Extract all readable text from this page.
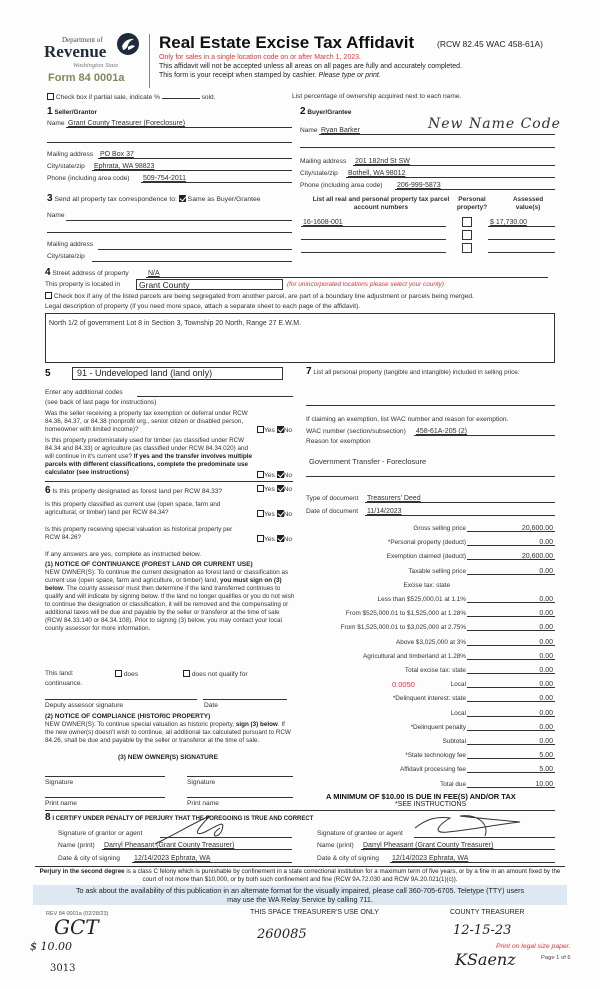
Department of
Revenue
Washington State
Form 84 0001a
Real Estate Excise Tax Affidavit	(RCW 82.45 WAC 458-61A)
Only for sales in a single location code on or after March 1, 2023.
This affidavit will not be accepted unless all areas on all pages are fully and accurately completed.
This form is your receipt when stamped by cashier. Please type or print.
Check box if partial sale, indicate %	sold.	List percentage of ownership acquired next to each name.
1 Seller/Grantor
Name Grant County Treasurer (Foreclosure)
Mailing address PO Box 37
City/state/zip Ephrata, WA 98823
Phone (including area code) 509-754-2011
3 Send all property tax correspondence to: Same as Buyer/Grantee
Name
Mailing address
City/state/zip
2 Buyer/Grantee
Name Ryan Barker	New Name Code
Mailing address 201 182nd St SW
City/state/zip Bothell, WA 98012
Phone (including area code) 206-999-5873
List all real and personal property tax parcel account numbers
Personal property?
Assessed value(s)
16-1608-001	$ 17,730.00
4 Street address of property	N/A
This property is located in Grant County	(for unincorporated locations please select your county)
Check box if any of the listed parcels are being segregated from another parcel, are part of a boundary line adjustment or parcels being merged.
Legal description of property (if you need more space, attach a separate sheet to each page of the affidavit).
North 1/2 of government Lot 8 in Section 3, Township 20 North, Range 27 E.W.M.
5	91 - Undeveloped land (land only)
Enter any additional codes
(see back of last page for instructions)
Was the seller receiving a property tax exemption or deferral under RCW 84.36, 84.37, or 84.38 (nonprofit org., senior citizen or disabled person, homeowner with limited income)?	Yes No
Is this property predominately used for timber (as classified under RCW 84.34 and 84.33) or agriculture (as classified under RCW 84.34.020) and will continue in it's current use? If yes and the transfer involves multiple parcels with different classifications, complete the predominate use calculator (see instructions)	Yes No
6 Is this property designated as forest land per RCW 84.33?	Yes No
Is this property classified as current use (open space, farm and agricultural, or timber) land per RCW 84.34?	Yes No
Is this property receiving special valuation as historical property per RCW 84.26?	Yes No
If any answers are yes, complete as instructed below.
(1) NOTICE OF CONTINUANCE (FOREST LAND OR CURRENT USE)
NEW OWNER(S): To continue the current designation as forest land or classification as current use (open space, farm and agriculture, or timber) land, you must sign on (3) below. The county assessor must then determine if the land transferred continues to qualify and will indicate by signing below. If the land no longer qualifies or you do not wish to continue the designation or classification, it will be removed and the compensating or additional taxes will be due and payable by the seller or transferor at the time of sale (RCW 84.33.140 or 84.34.108). Prior to signing (3) below, you may contact your local county assessor for more information.
This land:	does	does not qualify for
continuance.
Deputy assessor signature	Date
(2) NOTICE OF COMPLIANCE (HISTORIC PROPERTY)
NEW OWNER(S): To continue special valuation as historic property, sign (3) below. If the new owner(s) doesn't wish to continue, all additional tax calculated pursuant to RCW 84.26, shall be due and payable by the seller or transferor at the time of sale.
(3) NEW OWNER(S) SIGNATURE
Signature	Signature
Print name	Print name
7 List all personal property (tangible and intangible) included in selling price.
If claiming an exemption, list WAC number and reason for exemption.
WAC number (section/subsection) 458-61A-205 (2)
Reason for exemption
Government Transfer - Foreclosure
Type of document Treasurers' Deed
Date of document 11/14/2023
Gross selling price	20,600.00
*Personal property (deduct)	0.00
Exemption claimed (deduct)	20,600.00
Taxable selling price	0.00
Excise tax: state
Less than $525,000.01 at 1.1%	0.00
From $525,000.01 to $1,525,000 at 1.28%	0.00
From $1,525,000.01 to $3,025,000 at 2.75%	0.00
Above $3,025,000 at 3%	0.00
Agricultural and timberland at 1.28%	0.00
Total excise tax: state	0.00
Local	0.00
0.0050
*Delinquent interest: state	0.00
Local	0.00
*Delinquent penalty	0.00
Subtotal	0.00
*State technology fee	5.00
Affidavit processing fee	5.00
Total due	10.00
A MINIMUM OF $10.00 IS DUE IN FEE(S) AND/OR TAX
*SEE INSTRUCTIONS
8 I CERTIFY UNDER PENALTY OF PERJURY THAT THE FOREGOING IS TRUE AND CORRECT
Signature of grantor or agent
Name (print) Darryl Pheasant (Grant County Treasurer)
Date & city of signing 12/14/2023 Ephrata, WA
Signature of grantee or agent
Name (print) Darryl Pheasant (Grant County Treasurer)
Date & city of signing 12/14/2023 Ephrata, WA
Perjury in the second degree is a class C felony which is punishable by confinement in a state correctional institution for a maximum term of five years, or by a fine in an amount fixed by the court of not more than $10,000, or by both such confinement and fine (RCW 9A.72.030 and RCW 9A.20.021(1)(c)).
To ask about the availability of this publication in an alternate format for the visually impaired, please call 360-705-6705. Teletype (TTY) users may use the WA Relay Service by calling 711.
REV 84 0001a (02/28/23)	THIS SPACE TREASURER'S USE ONLY	COUNTY TREASURER
GCT
$ 10.00
3013
260085	12-15-23
KSaenz
Print on legal size paper.
Page 1 of 6
